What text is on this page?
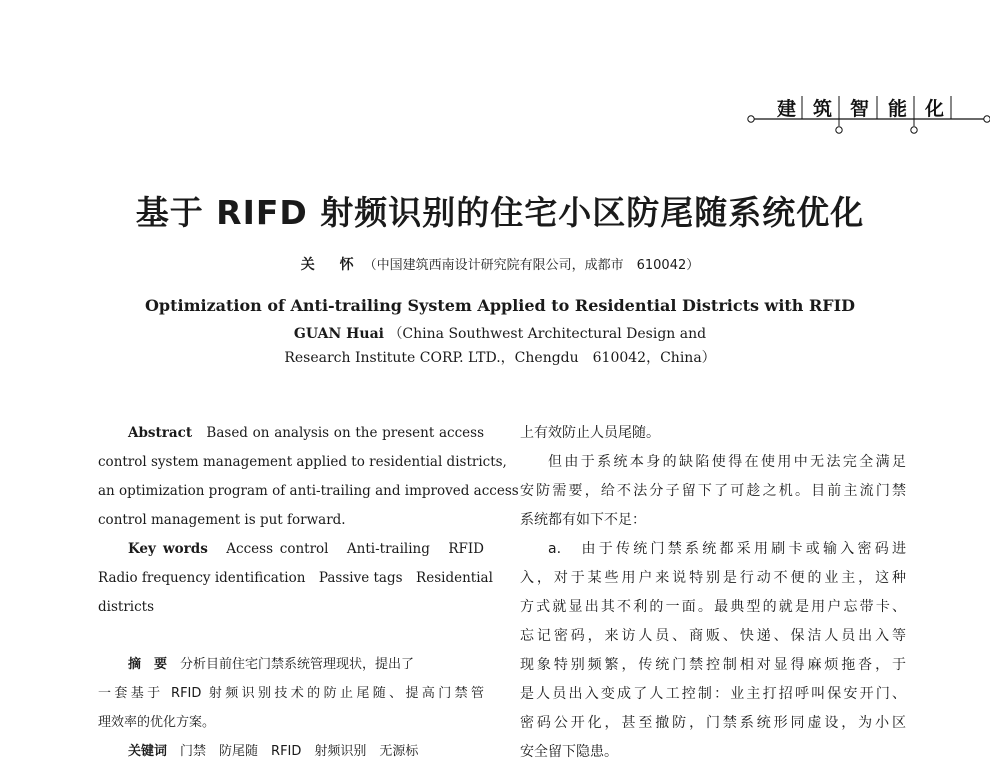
建 筑 智 能 化
基于 RIFD 射频识别的住宅小区防尾随系统优化
关 怀（中国建筑西南设计研究院有限公司，成都市　610042）
Optimization of Anti-trailing System Applied to Residential Districts with RFID
GUAN Huai （China Southwest Architectural Design and
Research Institute CORP. LTD.，Chengdu　610042，China）
Abstract　 Based on analysis on the present access
control system management applied to residential districts,
an optimization program of anti-trailing and improved access
control management is put forward.
Key words　 Access control　Anti-trailing　RFID
Radio frequency identification　Passive tags　Residential
districts
摘　要　 分析目前住宅门禁系统管理现状，提出了
一套基于 RFID 射频识别技术的防止尾随、提高门禁管
理效率的优化方案。
关键词　 门禁　防尾随　RFID　射频识别　无源标
上有效防止人员尾随。
但由于系统本身的缺陷使得在使用中无法完全满足
安防需要，给不法分子留下了可趁之机。目前主流门禁
系统都有如下不足：
a.　由于传统门禁系统都采用刷卡或输入密码进
入，对于某些用户来说特别是行动不便的业主，这种
方式就显出其不利的一面。最典型的就是用户忘带卡、
忘记密码，来访人员、商贩、快递、保洁人员出入等
现象特别频繁，传统门禁控制相对显得麻烦拖沓，于
是人员出入变成了人工控制：业主打招呼叫保安开门、
密码公开化，甚至撤防，门禁系统形同虚设，为小区
安全留下隐患。
